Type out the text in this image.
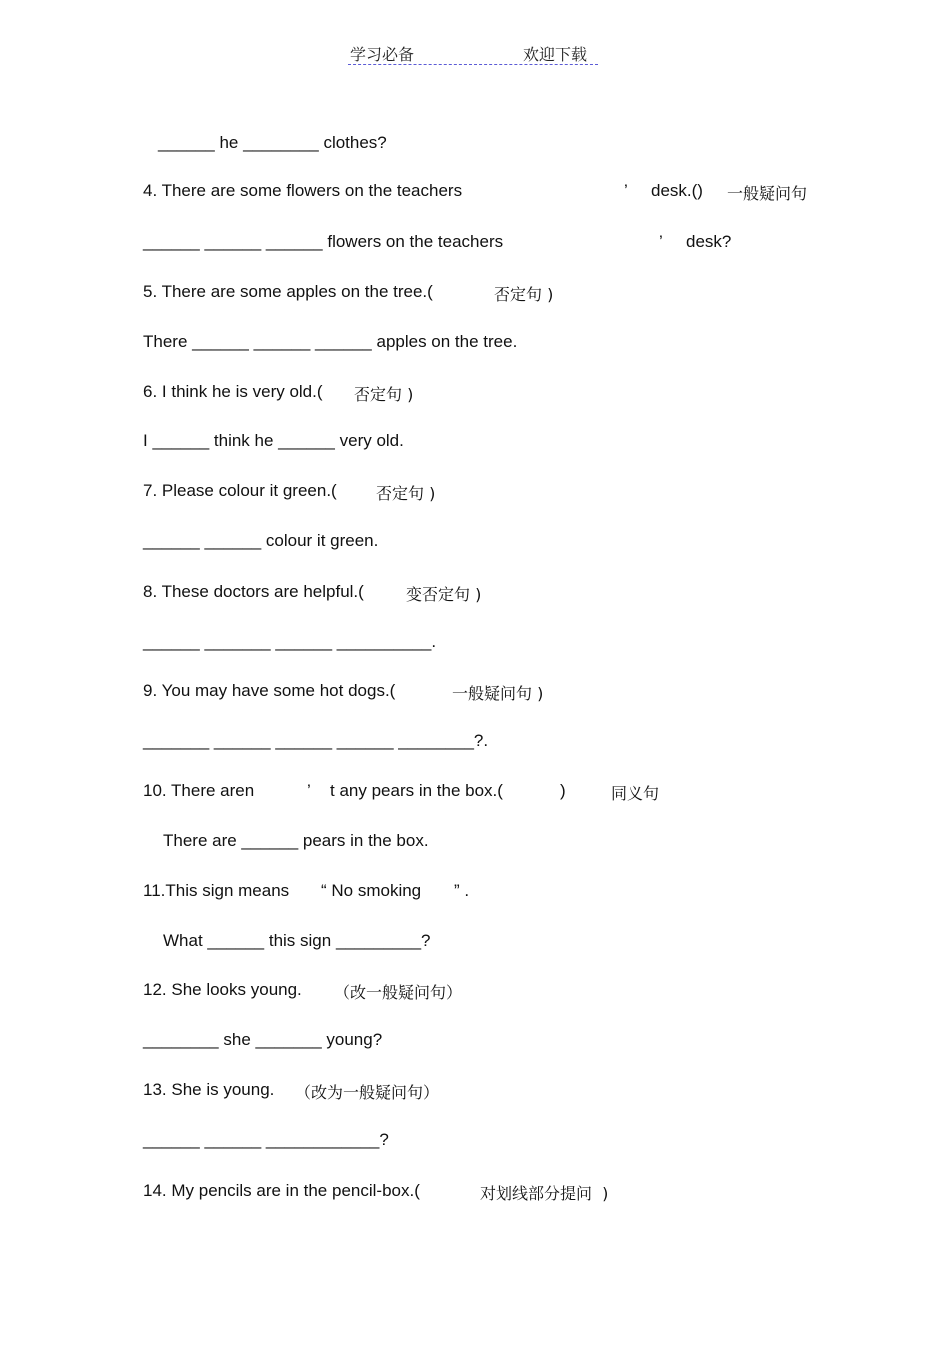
学习必备	欢迎下载
______ he ________ clothes?
4. There are some flowers on the teachers	’ desk.() 一般疑问句
______ ______ ______ flowers on the teachers	’ desk?
5. There are some apples on the tree.(	否定句 )
There ______ ______ ______ apples on the tree.
6. I think he is very old.( 否定句 )
I ______ think he ______ very old.
7. Please colour it green.( 否定句 )
______ ______ colour it green.
8. These doctors are helpful.(	变否定句 )
______ _______ ______ __________.
9. You may have some hot dogs.(	一般疑问句 )
_______ ______ ______ ______ ________?.
10. There aren	’ t any pears in the box.(	)	同义句
There are ______ pears in the box.
11.This sign means “ No smoking ” .
What ______ this sign _________?
12. She looks young. （改一般疑问句）
________ she _______ young?
13. She is young. （改为一般疑问句）
______ ______ ____________?
14. My pencils are in the pencil-box.(	对划线部分提问  )
